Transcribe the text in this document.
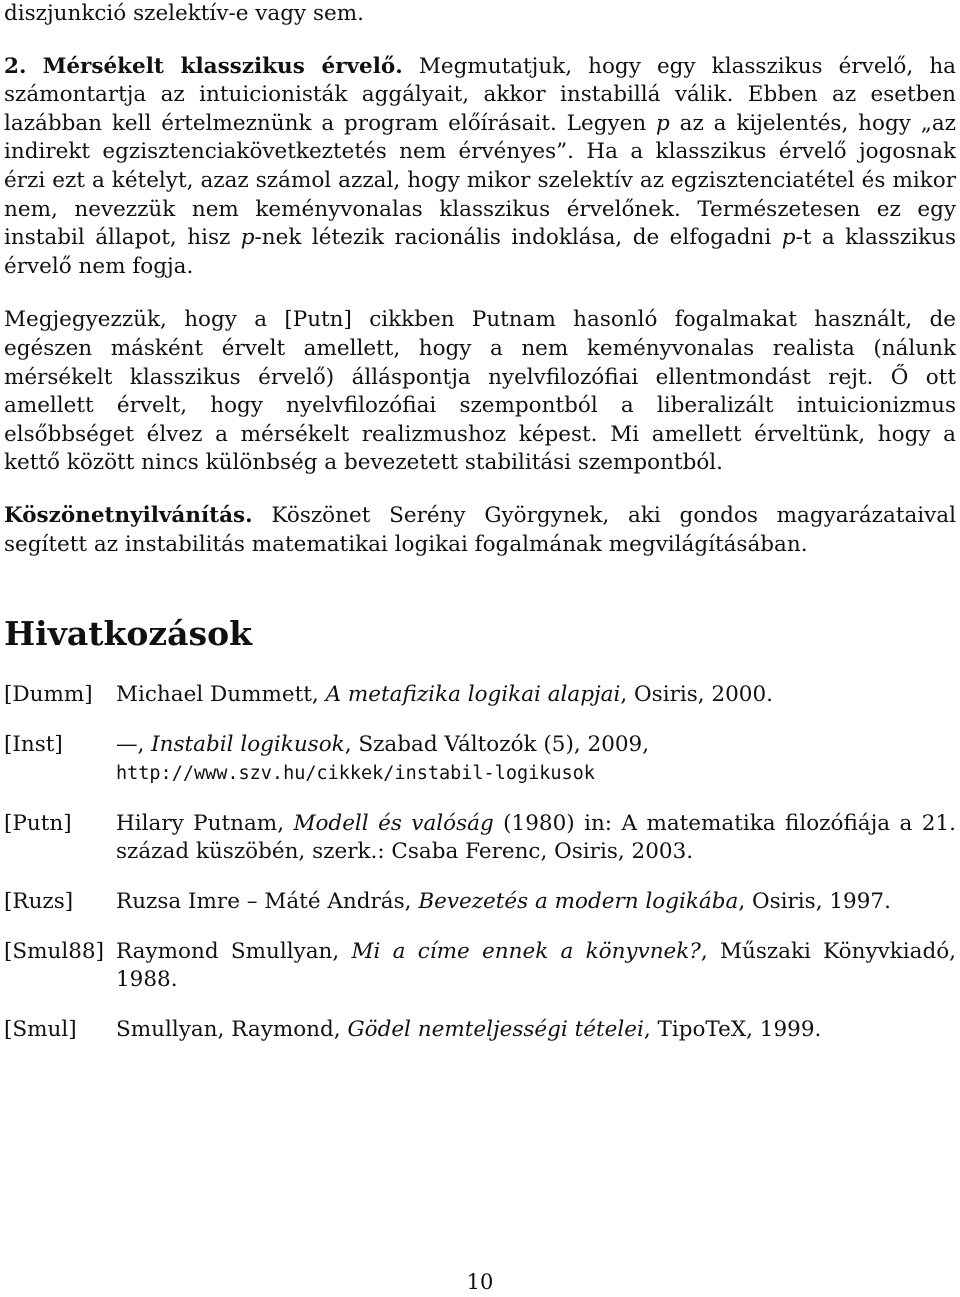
diszjunkció szelektív-e vagy sem.

2. Mérsékelt klasszikus érvelő. Megmutatjuk, hogy egy klasszikus érvelő, ha számontartja az intuicionisták aggályait, akkor instabillá válik. Ebben az esetben lazábban kell értelmeznünk a program előírásait. Legyen p az a kijelentés, hogy „az indirekt egzisztenciakövetkeztetés nem érvényes”. Ha a klasszikus érvelő jogosnak érzi ezt a kételyt, azaz számol azzal, hogy mikor szelektív az egzisztenciatétel és mikor nem, nevezzük nem keményvonalas klasszikus érvelőnek. Természetesen ez egy instabil állapot, hisz p-nek létezik racionális indoklása, de elfogadni p-t a klasszikus érvelő nem fogja.

Megjegyezzük, hogy a [Putn] cikkben Putnam hasonló fogalmakat használt, de egészen másként érvelt amellett, hogy a nem keményvonalas realista (nálunk mérsékelt klasszikus érvelő) álláspontja nyelvfilozófiai ellentmondást rejt. Ő ott amellett érvelt, hogy nyelvfilozófiai szempontból a liberalizált intuicionizmus elsőbbséget élvez a mérsékelt realizmushoz képest. Mi amellett érveltünk, hogy a kettő között nincs különbség a bevezetett stabilitási szempontból.

Köszönetnyilvánítás. Köszönet Serény Györgynek, aki gondos magyarázataival segített az instabilitás matematikai logikai fogalmának megvilágításában.

Hivatkozások
[Dumm]	Michael Dummett, A metafizika logikai alapjai, Osiris, 2000.
[Inst]	—, Instabil logikusok, Szabad Változók (5), 2009,
http://www.szv.hu/cikkek/instabil-logikusok
[Putn]	Hilary Putnam, Modell és valóság (1980) in: A matematika filozófiája a 21. század küszöbén, szerk.: Csaba Ferenc, Osiris, 2003.
[Ruzs]	Ruzsa Imre – Máté András, Bevezetés a modern logikába, Osiris, 1997.
[Smul88] Raymond Smullyan, Mi a címe ennek a könyvnek?, Műszaki Könyvkiadó, 1988.
[Smul]	Smullyan, Raymond, Gödel nemteljességi tételei, TipoTeX, 1999.
10
